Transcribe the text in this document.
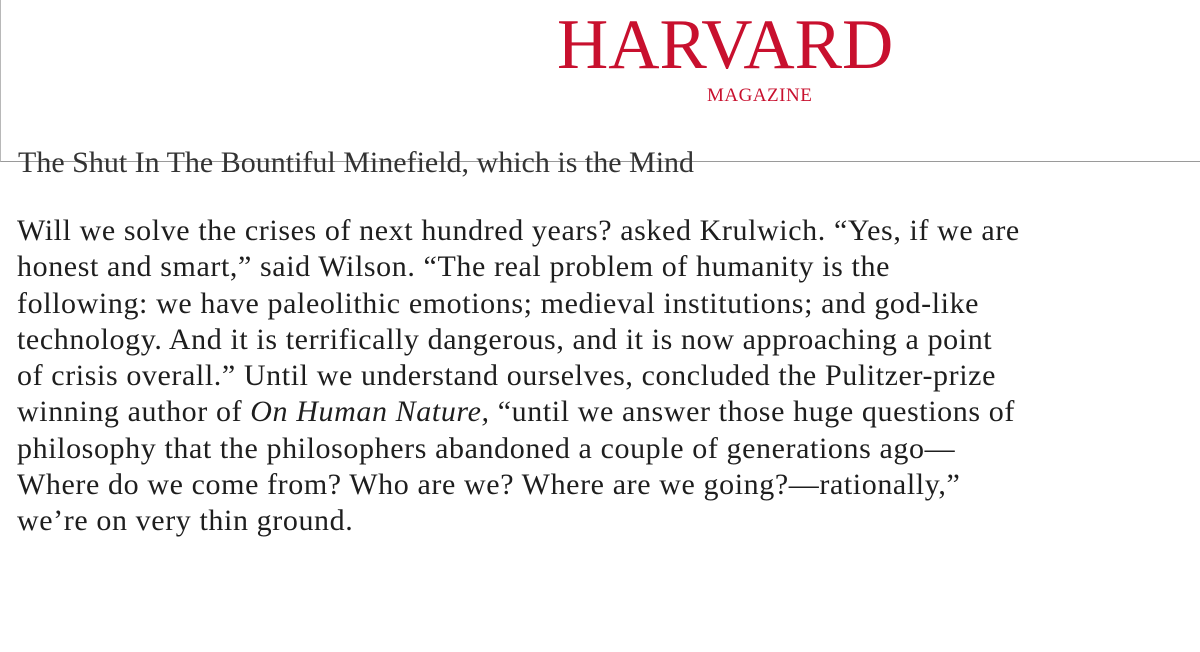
HARVARD
MAGAZINE
The Shut In The Bountiful Minefield, which is the Mind

Will we solve the crises of next hundred years? asked Krulwich. “Yes, if we are
honest and smart,” said Wilson. “The real problem of humanity is the
following: we have paleolithic emotions; medieval institutions; and god-like
technology. And it is terrifically dangerous, and it is now approaching a point
of crisis overall.” Until we understand ourselves, concluded the Pulitzer-prize
winning author of On Human Nature, “until we answer those huge questions of
philosophy that the philosophers abandoned a couple of generations ago—
Where do we come from? Who are we? Where are we going?—rationally,”
we’re on very thin ground.
